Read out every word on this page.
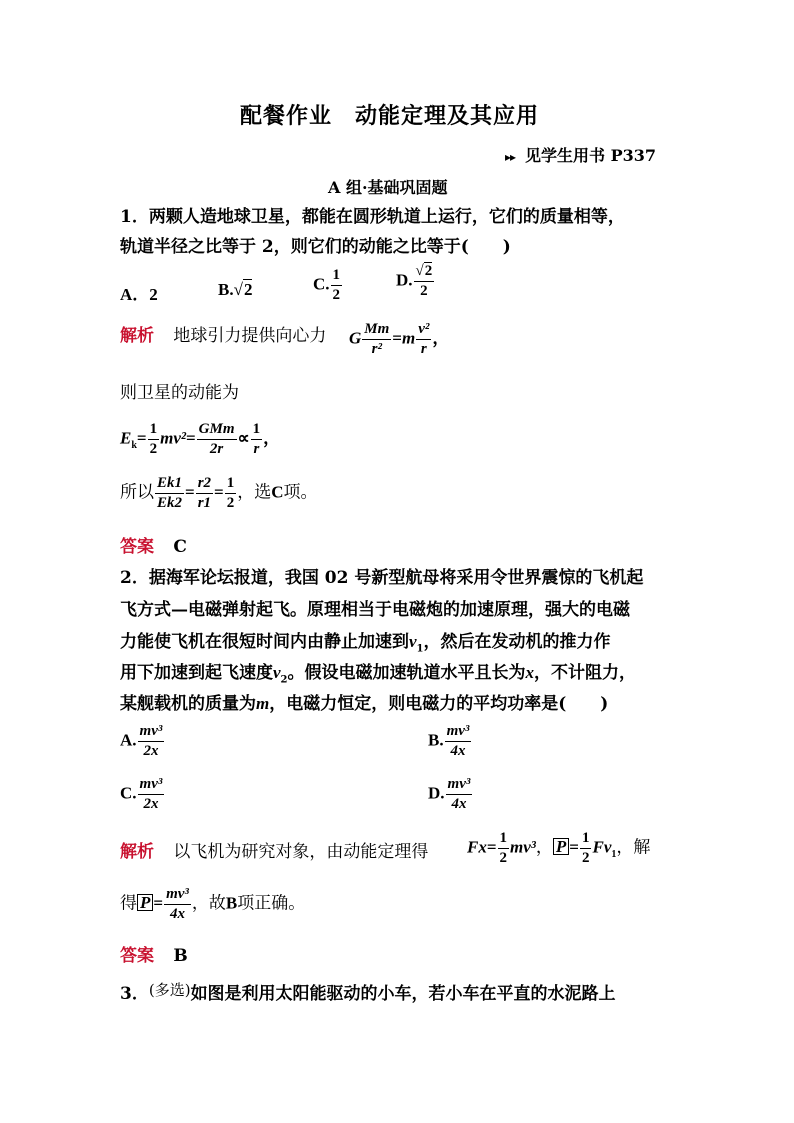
配餐作业　动能定理及其应用
▸▸ 见学生用书 P337
A 组·基础巩固题
1．两颗人造地球卫星，都能在圆形轨道上运行，它们的质量相等，
轨道半径之比等于 2，则它们的动能之比等于(　　)
A．2	B.√2	C. $\frac{1}{2}$	D. $\frac{√2}{2}$
解析 地球引力提供向心力 G $\frac{Mm}{\text{r²}} =m \frac{\text{v²}}{r}$ ，
则卫星的动能为
$E_k= \frac{1}{2} mv^2= \frac{\text{GMm}}{2r} \propto \frac{1}{r}$ ，
所以 $\frac{Ek1}{Ek2} = \frac{r2}{r1} = \frac{1}{2}$ ，选C项。
答案 C
2．据海军论坛报道，我国 02 号新型航母将采用令世界震惊的飞机起
飞方式—电磁弹射起飞。原理相当于电磁炮的加速原理，强大的电磁
力能使飞机在很短时间内由静止加速到$v_1$，然后在发动机的推力作
用下加速到起飞速度$v_2$。假设电磁加速轨道水平且长为x，不计阻力，
某舰载机的质量为m，电磁力恒定，则电磁力的平均功率是(　　)
A. $\frac{\text{mv³}}{2x}$	B. $\frac{\text{mv³}}{4x}$
C. $\frac{\text{mv³}}{2x}$	D. $\frac{\text{mv³}}{4x}$
解析 以飞机为研究对象，由动能定理得 $Fx= \frac{1}{2} mv^3$， $P = \frac{1}{2} Fv_1$，解
得 $P = \frac{\text{mv³}}{4x}$ ，故B项正确。
答案 B
3．(多选)如图是利用太阳能驱动的小车，若小车在平直的水泥路上
